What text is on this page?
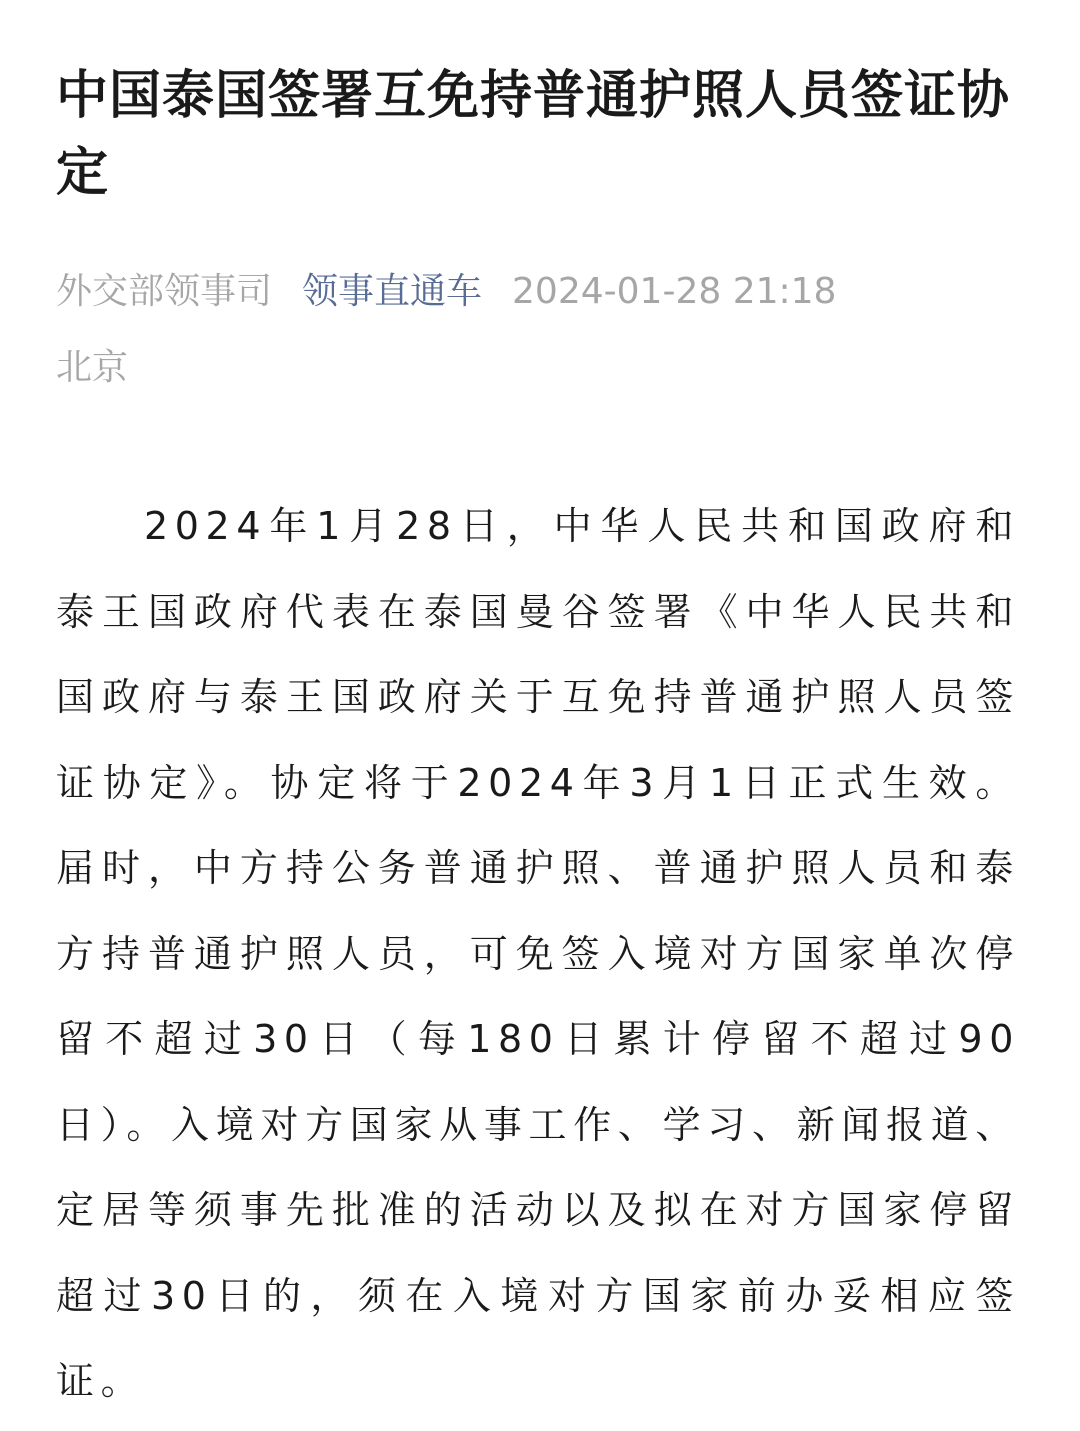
中国泰国签署互免持普通护照人员签证协定
外交部领事司 领事直通车 2024-01-28 21:18
北京

2024年1月28日，中华人民共和国政府和泰王国政府代表在泰国曼谷签署《中华人民共和国政府与泰王国政府关于互免持普通护照人员签证协定》。协定将于2024年3月1日正式生效。届时，中方持公务普通护照、普通护照人员和泰方持普通护照人员，可免签入境对方国家单次停留不超过30日（每180日累计停留不超过90日）。入境对方国家从事工作、学习、新闻报道、定居等须事先批准的活动以及拟在对方国家停留超过30日的，须在入境对方国家前办妥相应签证。
